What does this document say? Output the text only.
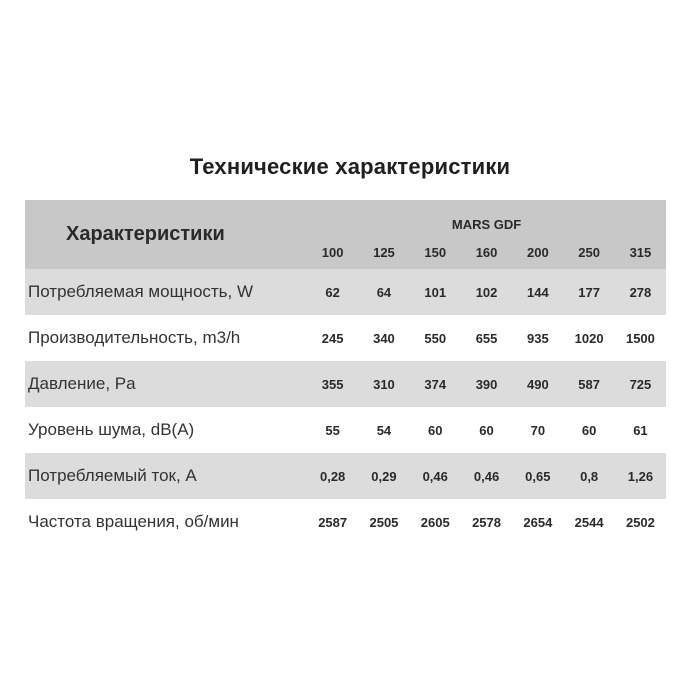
Технические характеристики
Характеристики	MARS GDF						
	100	125	150	160	200	250	315
Потребляемая мощность, W	62	64	101	102	144	177	278
Производительность, m3/h	245	340	550	655	935	1020	1500
Давление, Pa	355	310	374	390	490	587	725
Уровень шума, dB(A)	55	54	60	60	70	60	61
Потребляемый ток, A	0,28	0,29	0,46	0,46	0,65	0,8	1,26
Частота вращения, об/мин	2587	2505	2605	2578	2654	2544	2502
